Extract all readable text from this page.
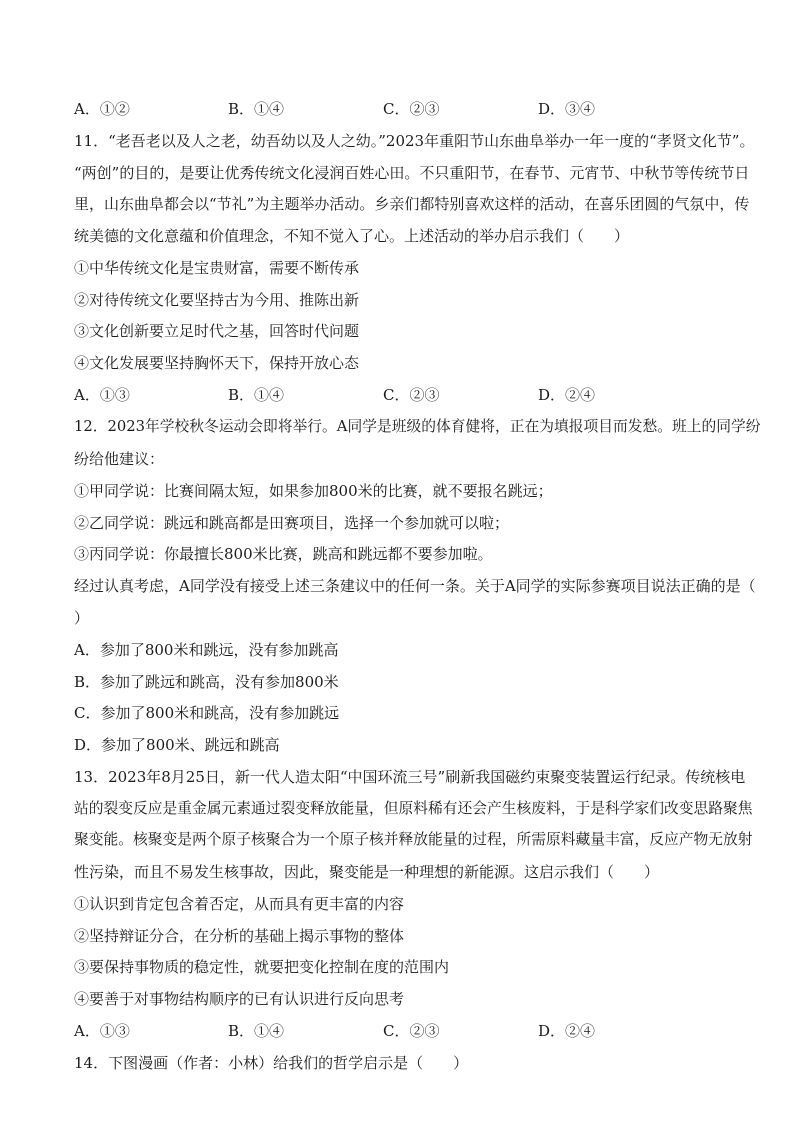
A．①②	B．①④	C．②③	D．③④
11．“老吾老以及人之老，幼吾幼以及人之幼。”2023年重阳节山东曲阜举办一年一度的“孝贤文化节”。
“两创”的目的，是要让优秀传统文化浸润百姓心田。不只重阳节，在春节、元宵节、中秋节等传统节日
里，山东曲阜都会以“节礼”为主题举办活动。乡亲们都特别喜欢这样的活动，在喜乐团圆的气氛中，传
统美德的文化意蕴和价值理念，不知不觉入了心。上述活动的举办启示我们（　　）
①中华传统文化是宝贵财富，需要不断传承
②对待传统文化要坚持古为今用、推陈出新
③文化创新要立足时代之基，回答时代问题
④文化发展要坚持胸怀天下，保持开放心态
A．①③	B．①④	C．②③	D．②④
12．2023年学校秋冬运动会即将举行。A同学是班级的体育健将，正在为填报项目而发愁。班上的同学纷
纷给他建议：
①甲同学说：比赛间隔太短，如果参加800米的比赛，就不要报名跳远；
②乙同学说：跳远和跳高都是田赛项目，选择一个参加就可以啦；
③丙同学说：你最擅长800米比赛，跳高和跳远都不要参加啦。
经过认真考虑，A同学没有接受上述三条建议中的任何一条。关于A同学的实际参赛项目说法正确的是（
）
A．参加了800米和跳远，没有参加跳高
B．参加了跳远和跳高，没有参加800米
C．参加了800米和跳高，没有参加跳远
D．参加了800米、跳远和跳高
13．2023年8月25日，新一代人造太阳“中国环流三号”刷新我国磁约束聚变装置运行纪录。传统核电
站的裂变反应是重金属元素通过裂变释放能量，但原料稀有还会产生核废料，于是科学家们改变思路聚焦
聚变能。核聚变是两个原子核聚合为一个原子核并释放能量的过程，所需原料藏量丰富，反应产物无放射
性污染，而且不易发生核事故，因此，聚变能是一种理想的新能源。这启示我们（　　）
①认识到肯定包含着否定，从而具有更丰富的内容
②坚持辩证分合，在分析的基础上揭示事物的整体
③要保持事物质的稳定性，就要把变化控制在度的范围内
④要善于对事物结构顺序的已有认识进行反向思考
A．①③	B．①④	C．②③	D．②④
14．下图漫画（作者：小林）给我们的哲学启示是（　　）
